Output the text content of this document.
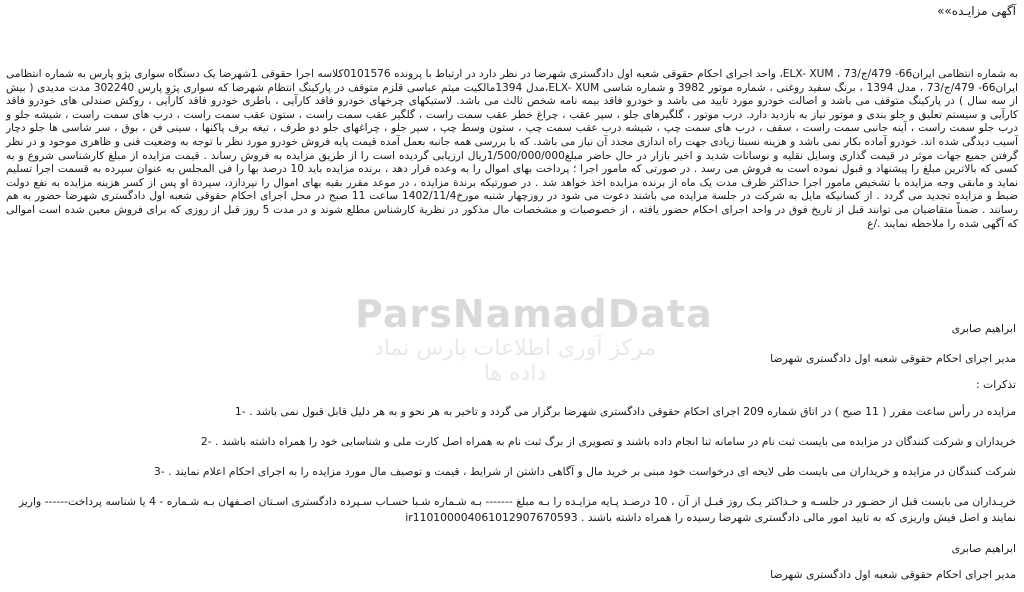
آگهی مزایـده»»
به شماره انتظامی ایران66- 479/ج/73 ، ELX- XUM، واحد اجرای احکام حقوقی شعبه اول دادگستری شهرضا در نظر دارد در ارتباط با پرونده 0101576کلاسه اجرا حقوقی 1شهرضا یک دستگاه سواری پژو پارس به شماره انتظامی ایران66- 479/ج/73 ، مدل 1394 ، برنگ سفید روغنی ، شماره موتور 3982 و شماره شاسی ELX- XUM،مدل 1394مالکیت میثم عباسی قلزم متوقف در پارکینگ انتظام شهرضا که سواری پژو پارس 302240 مدت مدیدی ( بیش از سه سال ) در پارکینگ متوقف می باشد و اصالت خودرو مورد تایید می باشد و خودرو فاقد بیمه نامه شخص ثالث می باشد. لاستیکهای چرخهای خودرو فاقد کارآیی ، باطری خودرو فاقد کارآیی ، روکش صندلی های خودرو فاقد کارآیی و سیستم تعلیق و جلو بندی و موتور نیاز به بازدید دارد. درب موتور ، گلگیرهای جلو ، سپر عقب ، چراغ خطر عقب سمت راست ، گلگیر عقب سمت راست ، ستون عقب سمت راست ، درب های سمت راست ، شیشه جلو و درب جلو سمت راست ، آینه جانبی سمت راست ، سقف ، درب های سمت چپ ، شیشه درب عقب سمت چپ ، ستون وسط چپ ، سپر جلو ، چراغهای جلو دو طرف ، تیغه برف پاکنها ، سینی فن ، بوق ، سر شاسی ها جلو دچار آسیب دیدگی شده اند. خودرو آماده بکار نمی باشد و هزینه نسبتا زیادی جهت راه اندازی مجدد آن نیاز می باشد. که با بررسی همه جانبه بعمل آمده قیمت پایه فروش خودرو مورد نظر با توجه به وضعیت فنی و ظاهری موجود و در نظر گرفتن جمیع جهات موثر در قیمت گذاری وسایل نقلیه و نوسانات شدید و اخیر بازار در حال حاضر مبلغ1/500/000/000ریال ارزیابی گردیده است را از طریق مزایده به فروش رساند . قیمت مزایده از مبلغ کارشناسی شروع و به کسی که بالاترین مبلغ را پیشنهاد و قبول نموده است به فروش می رسد . در صورتی که مامور اجرا ؛ پرداخت بهای اموال را به وعده قرار دهد ، برنده مزایده باید 10 درصد بها را فی المجلس به عنوان سپرده به قسمت اجرا تسلیم نماید و مابقی وجه مزایده با تشخیص مامور اجرا حداکثر ظرف مدت یک ماه از برنده مزایده اخذ خواهد شد . در صورتیکه برندة مزایده ، در موعد مقرر بقیه بهای اموال را نپردازد، سپردة او پس از کسر هزینه مزایده به نفع دولت ضبط و مزایده تجدید می گردد . از کسانیکه مایل به شرکت در جلسة مزایده می باشند دعوت می شود در روزچهار شنبه مورخ1402/11/4 ساعت 11 صبح در محل اجرای احکام حقوقی شعبه اول دادگستری شهرضا حضور به هم رسانند . ضمناً متقاضیان می توانند قبل از تاریخ فوق در واحد اجرای احکام حضور یافته ، از خصوصیات و مشخصات مال مذکور در نظریة کارشناس مطلع شوند و در مدت 5 روز قبل از روزی که برای فروش معین شده است اموالی که آگهی شده را ملاحظه نمایند ./ع
ابراهیم صابری
مدیر اجرای احکام حقوقی شعبه اول دادگستری شهرضا
تذکرات :
مزایده در رأس ساعت مقرر ( 11 صبح ) در اتاق شماره 209 اجرای احکام حقوقی دادگستری شهرضا برگزار می گردد و تاخیر به هر نحو و به هر دلیل قابل قبول نمی باشد . -1
خریداران و شرکت کنندگان در مزایده می بایست ثبت نام در سامانه ثنا انجام داده باشند و تصویری از برگ ثبت نام به همراه اصل کارت ملی و شناسایی خود را همراه داشته باشند . -2
شرکت کنندگان در مزایده و خریداران می بایست طی لایحه ای درخواست خود مبنی بر خرید مال و آگاهی داشتن از شرایط ، قیمت و توصیف مال مورد مزایده را به اجرای احکام اعلام نمایند . -3
خریـداران می بایست قبل از حضـور در جلسـه و حـداکثر یـک روز قبـل از آن ، 10 درصـد پـایه مزایـده را بـه مبلغ ------- بـه شـماره شـبا حسـاب سـپرده دادگستری اسـتان اصـفهان بـه شـماره - 4 یا شناسه پرداخت------ واریز نمایند و اصل فیش واریزی که به تایید امور مالی دادگستری شهرضا رسیده را همراه داشته باشند . ir110100004061012907670593
ابراهیم صابری
مدیر اجرای احکام حقوقی شعبه اول دادگستری شهرضا
ParsNamadData
مرکز آوری اطلاعات پارس نماد داده ها
